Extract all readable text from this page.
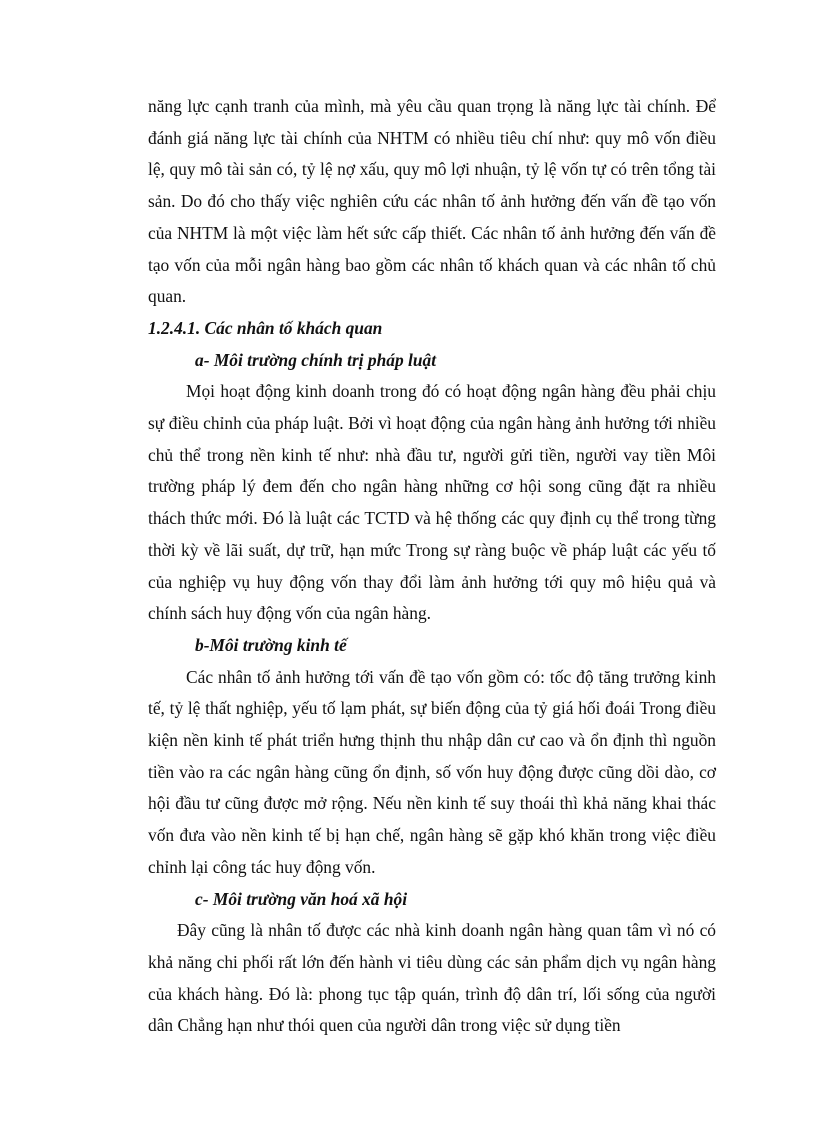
năng lực cạnh tranh của mình, mà yêu cầu quan trọng là năng lực tài chính. Để đánh giá năng lực tài chính của NHTM có nhiều tiêu chí như: quy mô vốn điều lệ, quy mô tài sản có, tỷ lệ nợ xấu, quy mô lợi nhuận, tỷ lệ vốn tự có trên tổng tài sản. Do đó cho thấy việc nghiên cứu các nhân tố ảnh hưởng đến vấn đề tạo vốn của NHTM là một việc làm hết sức cấp thiết. Các nhân tố ảnh hưởng đến vấn đề tạo vốn của mỗi ngân hàng bao gồm các nhân tố khách quan và các nhân tố chủ quan.

1.2.4.1. Các nhân tố khách quan

a- Môi trường chính trị pháp luật

Mọi hoạt động kinh doanh trong đó có hoạt động ngân hàng đều phải chịu sự điều chỉnh của pháp luật. Bởi vì hoạt động của ngân hàng ảnh hưởng tới nhiều chủ thể trong nền kinh tế như: nhà đầu tư, người gửi tiền, người vay tiền Môi trường pháp lý đem đến cho ngân hàng những cơ hội song cũng đặt ra nhiều thách thức mới. Đó là luật các TCTD và hệ thống các quy định cụ thể trong từng thời kỳ về lãi suất, dự trữ, hạn mức Trong sự ràng buộc về pháp luật các yếu tố của nghiệp vụ huy động vốn thay đổi làm ảnh hưởng tới quy mô hiệu quả và chính sách huy động vốn của ngân hàng.

b-Môi trường kinh tế

Các nhân tố ảnh hưởng tới vấn đề tạo vốn gồm có: tốc độ tăng trưởng kinh tế, tỷ lệ thất nghiệp, yếu tố lạm phát, sự biến động của tỷ giá hối đoái Trong điều kiện nền kinh tế phát triển hưng thịnh thu nhập dân cư cao và ổn định thì nguồn tiền vào ra các ngân hàng cũng ổn định, số vốn huy động được cũng dồi dào, cơ hội đầu tư cũng được mở rộng. Nếu nền kinh tế suy thoái thì khả năng khai thác vốn đưa vào nền kinh tế bị hạn chế, ngân hàng sẽ gặp khó khăn trong việc điều chỉnh lại công tác huy động vốn.

c- Môi trường văn hoá xã hội

Đây cũng là nhân tố được các nhà kinh doanh ngân hàng quan tâm vì nó có khả năng chi phối rất lớn đến hành vi tiêu dùng các sản phẩm dịch vụ ngân hàng của khách hàng. Đó là: phong tục tập quán, trình độ dân trí, lối sống của người dân Chẳng hạn như thói quen của người dân trong việc sử dụng tiền
